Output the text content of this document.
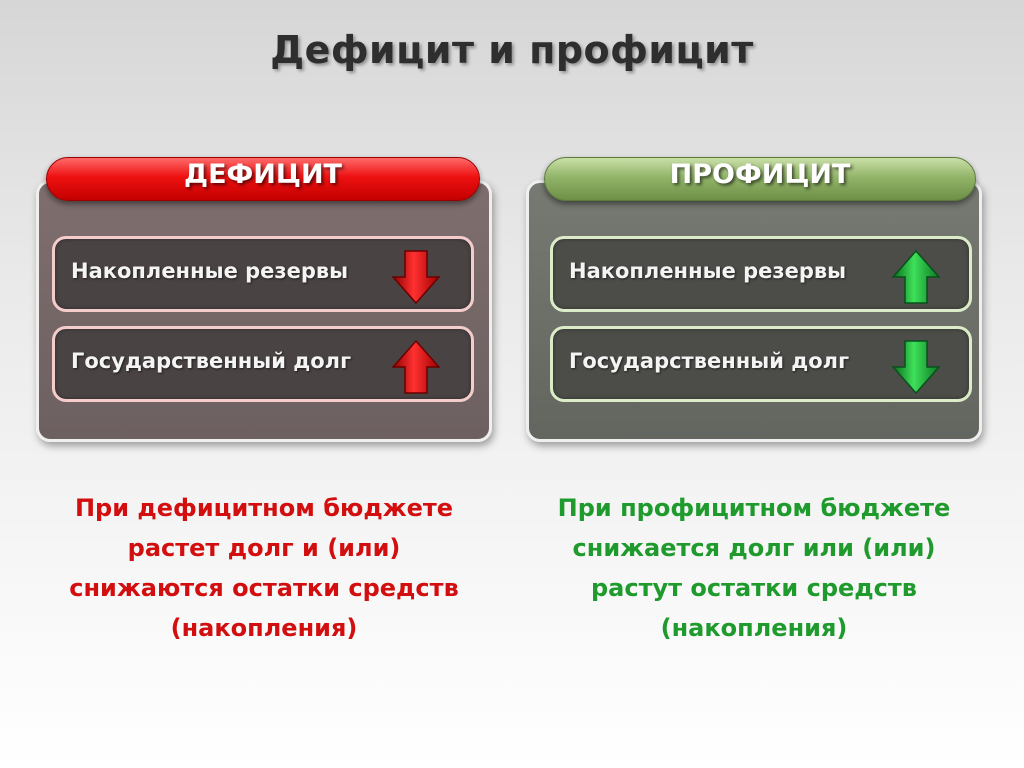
Дефицит и профицит
ДЕФИЦИТ
Накопленные резервы
Государственный долг
ПРОФИЦИТ
Накопленные резервы
Государственный долг
При дефицитном бюджете
растет долг и (или)
снижаются остатки средств
(накопления)
При профицитном бюджете
снижается долг или (или)
растут остатки средств
(накопления)
